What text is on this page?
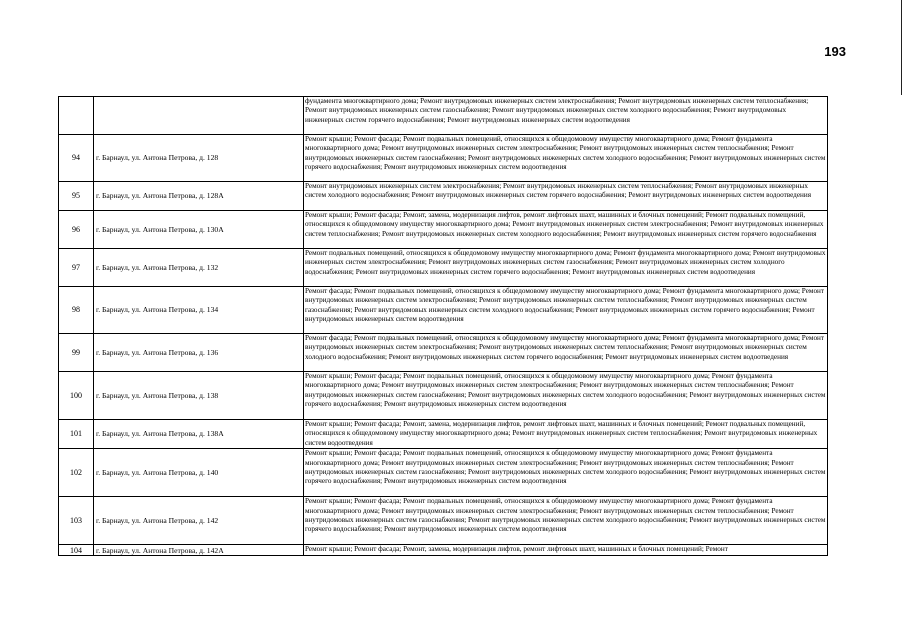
193
		фундамента многоквартирного дома; Ремонт внутридомовых инженерных систем электроснабжения; Ремонт внутридомовых инженерных систем теплоснабжения; Ремонт внутридомовых инженерных систем газоснабжения; Ремонт внутридомовых инженерных систем холодного водоснабжения; Ремонт внутридомовых инженерных систем горячего водоснабжения; Ремонт внутридомовых инженерных систем водоотведения
94	г. Барнаул, ул. Антона Петрова, д. 128	Ремонт крыши; Ремонт фасада; Ремонт подвальных помещений, относящихся к общедомовому имуществу многоквартирного дома; Ремонт фундамента многоквартирного дома; Ремонт внутридомовых инженерных систем электроснабжения; Ремонт внутридомовых инженерных систем теплоснабжения; Ремонт внутридомовых инженерных систем газоснабжения; Ремонт внутридомовых инженерных систем холодного водоснабжения; Ремонт внутридомовых инженерных систем горячего водоснабжения; Ремонт внутридомовых инженерных систем водоотведения
95	г. Барнаул, ул. Антона Петрова, д. 128А	Ремонт внутридомовых инженерных систем электроснабжения; Ремонт внутридомовых инженерных систем теплоснабжения; Ремонт внутридомовых инженерных систем холодного водоснабжения; Ремонт внутридомовых инженерных систем горячего водоснабжения; Ремонт внутридомовых инженерных систем водоотведения
96	г. Барнаул, ул. Антона Петрова, д. 130А	Ремонт крыши; Ремонт фасада; Ремонт, замена, модернизация лифтов, ремонт лифтовых шахт, машинных и блочных помещений; Ремонт подвальных помещений, относящихся к общедомовому имуществу многоквартирного дома; Ремонт внутридомовых инженерных систем электроснабжения; Ремонт внутридомовых инженерных систем теплоснабжения; Ремонт внутридомовых инженерных систем холодного водоснабжения; Ремонт внутридомовых инженерных систем горячего водоснабжения
97	г. Барнаул, ул. Антона Петрова, д. 132	Ремонт подвальных помещений, относящихся к общедомовому имуществу многоквартирного дома; Ремонт фундамента многоквартирного дома; Ремонт внутридомовых инженерных систем электроснабжения; Ремонт внутридомовых инженерных систем газоснабжения; Ремонт внутридомовых инженерных систем холодного водоснабжения; Ремонт внутридомовых инженерных систем горячего водоснабжения; Ремонт внутридомовых инженерных систем водоотведения
98	г. Барнаул, ул. Антона Петрова, д. 134	Ремонт фасада; Ремонт подвальных помещений, относящихся к общедомовому имуществу многоквартирного дома; Ремонт фундамента многоквартирного дома; Ремонт внутридомовых инженерных систем электроснабжения; Ремонт внутридомовых инженерных систем теплоснабжения; Ремонт внутридомовых инженерных систем газоснабжения; Ремонт внутридомовых инженерных систем холодного водоснабжения; Ремонт внутридомовых инженерных систем горячего водоснабжения; Ремонт внутридомовых инженерных систем водоотведения
99	г. Барнаул, ул. Антона Петрова, д. 136	Ремонт фасада; Ремонт подвальных помещений, относящихся к общедомовому имуществу многоквартирного дома; Ремонт фундамента многоквартирного дома; Ремонт внутридомовых инженерных систем электроснабжения; Ремонт внутридомовых инженерных систем теплоснабжения; Ремонт внутридомовых инженерных систем холодного водоснабжения; Ремонт внутридомовых инженерных систем горячего водоснабжения; Ремонт внутридомовых инженерных систем водоотведения
100	г. Барнаул, ул. Антона Петрова, д. 138	Ремонт крыши; Ремонт фасада; Ремонт подвальных помещений, относящихся к общедомовому имуществу многоквартирного дома; Ремонт фундамента многоквартирного дома; Ремонт внутридомовых инженерных систем электроснабжения; Ремонт внутридомовых инженерных систем теплоснабжения; Ремонт внутридомовых инженерных систем газоснабжения; Ремонт внутридомовых инженерных систем холодного водоснабжения; Ремонт внутридомовых инженерных систем горячего водоснабжения; Ремонт внутридомовых инженерных систем водоотведения
101	г. Барнаул, ул. Антона Петрова, д. 138А	Ремонт крыши; Ремонт фасада; Ремонт, замена, модернизация лифтов, ремонт лифтовых шахт, машинных и блочных помещений; Ремонт подвальных помещений, относящихся к общедомовому имуществу многоквартирного дома; Ремонт внутридомовых инженерных систем теплоснабжения; Ремонт внутридомовых инженерных систем водоотведения
102	г. Барнаул, ул. Антона Петрова, д. 140	Ремонт крыши; Ремонт фасада; Ремонт подвальных помещений, относящихся к общедомовому имуществу многоквартирного дома; Ремонт фундамента многоквартирного дома; Ремонт внутридомовых инженерных систем электроснабжения; Ремонт внутридомовых инженерных систем теплоснабжения; Ремонт внутридомовых инженерных систем газоснабжения; Ремонт внутридомовых инженерных систем холодного водоснабжения; Ремонт внутридомовых инженерных систем горячего водоснабжения; Ремонт внутридомовых инженерных систем водоотведения
103	г. Барнаул, ул. Антона Петрова, д. 142	Ремонт крыши; Ремонт фасада; Ремонт подвальных помещений, относящихся к общедомовому имуществу многоквартирного дома; Ремонт фундамента многоквартирного дома; Ремонт внутридомовых инженерных систем электроснабжения; Ремонт внутридомовых инженерных систем теплоснабжения; Ремонт внутридомовых инженерных систем газоснабжения; Ремонт внутридомовых инженерных систем холодного водоснабжения; Ремонт внутридомовых инженерных систем горячего водоснабжения; Ремонт внутридомовых инженерных систем водоотведения
104	г. Барнаул, ул. Антона Петрова, д. 142А	Ремонт крыши; Ремонт фасада; Ремонт, замена, модернизация лифтов, ремонт лифтовых шахт, машинных и блочных помещений; Ремонт
